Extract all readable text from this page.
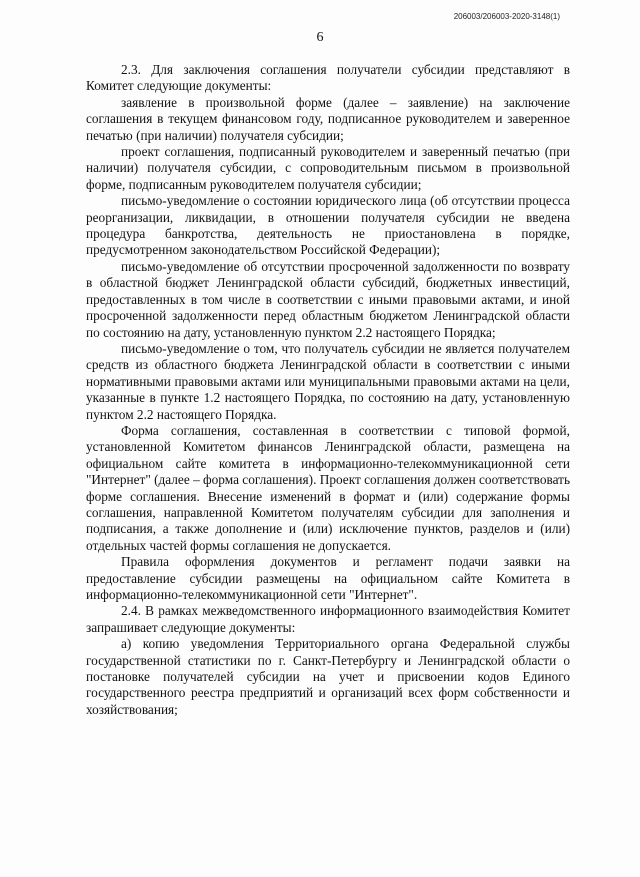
206003/206003-2020-3148(1)
6

2.3. Для заключения соглашения получатели субсидии представляют в Комитет следующие документы:

заявление в произвольной форме (далее – заявление) на заключение соглашения в текущем финансовом году, подписанное руководителем и заверенное печатью (при наличии) получателя субсидии;

проект соглашения, подписанный руководителем и заверенный печатью (при наличии) получателя субсидии, с сопроводительным письмом в произвольной форме, подписанным руководителем получателя субсидии;

письмо-уведомление о состоянии юридического лица (об отсутствии процесса реорганизации, ликвидации, в отношении получателя субсидии не введена процедура банкротства, деятельность не приостановлена в порядке, предусмотренном законодательством Российской Федерации);

письмо-уведомление об отсутствии просроченной задолженности по возврату в областной бюджет Ленинградской области субсидий, бюджетных инвестиций, предоставленных в том числе в соответствии с иными правовыми актами, и иной просроченной задолженности перед областным бюджетом Ленинградской области по состоянию на дату, установленную пунктом 2.2 настоящего Порядка;

письмо-уведомление о том, что получатель субсидии не является получателем средств из областного бюджета Ленинградской области в соответствии с иными нормативными правовыми актами или муниципальными правовыми актами на цели, указанные в пункте 1.2 настоящего Порядка, по состоянию на дату, установленную пунктом 2.2 настоящего Порядка.

Форма соглашения, составленная в соответствии с типовой формой, установленной Комитетом финансов Ленинградской области, размещена на официальном сайте комитета в информационно-телекоммуникационной сети "Интернет" (далее – форма соглашения). Проект соглашения должен соответствовать форме соглашения. Внесение изменений в формат и (или) содержание формы соглашения, направленной Комитетом получателям субсидии для заполнения и подписания, а также дополнение и (или) исключение пунктов, разделов и (или) отдельных частей формы соглашения не допускается.

Правила оформления документов и регламент подачи заявки на предоставление субсидии размещены на официальном сайте Комитета в информационно-телекоммуникационной сети "Интернет".

2.4. В рамках межведомственного информационного взаимодействия Комитет запрашивает следующие документы:

а) копию уведомления Территориального органа Федеральной службы государственной статистики по г. Санкт-Петербургу и Ленинградской области о постановке получателей субсидии на учет и присвоении кодов Единого государственного реестра предприятий и организаций всех форм собственности и хозяйствования;
